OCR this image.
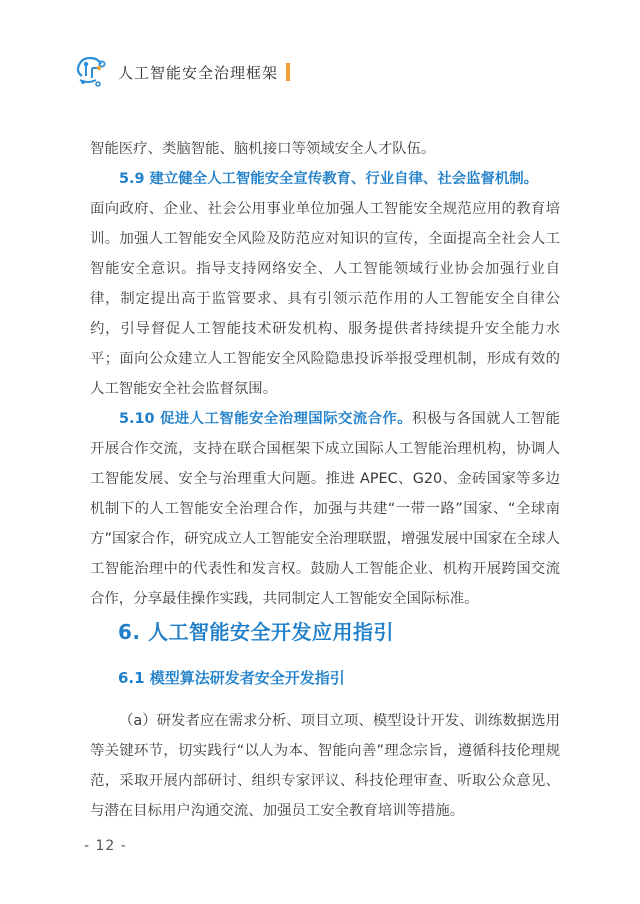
人工智能安全治理框架

智能医疗、类脑智能、脑机接口等领域安全人才队伍。

5.9 建立健全人工智能安全宣传教育、行业自律、社会监督机制。

面向政府、企业、社会公用事业单位加强人工智能安全规范应用的教育培训。加强人工智能安全风险及防范应对知识的宣传，全面提高全社会人工智能安全意识。指导支持网络安全、人工智能领域行业协会加强行业自律，制定提出高于监管要求、具有引领示范作用的人工智能安全自律公约，引导督促人工智能技术研发机构、服务提供者持续提升安全能力水平；面向公众建立人工智能安全风险隐患投诉举报受理机制，形成有效的人工智能安全社会监督氛围。

5.10 促进人工智能安全治理国际交流合作。积极与各国就人工智能开展合作交流，支持在联合国框架下成立国际人工智能治理机构，协调人工智能发展、安全与治理重大问题。推进 APEC、G20、金砖国家等多边机制下的人工智能安全治理合作，加强与共建“一带一路”国家、“全球南方”国家合作，研究成立人工智能安全治理联盟，增强发展中国家在全球人工智能治理中的代表性和发言权。鼓励人工智能企业、机构开展跨国交流合作，分享最佳操作实践，共同制定人工智能安全国际标准。

6. 人工智能安全开发应用指引
6.1 模型算法研发者安全开发指引

（a）研发者应在需求分析、项目立项、模型设计开发、训练数据选用等关键环节，切实践行“以人为本、智能向善”理念宗旨，遵循科技伦理规范，采取开展内部研讨、组织专家评议、科技伦理审查、听取公众意见、与潜在目标用户沟通交流、加强员工安全教育培训等措施。

- 12 -
